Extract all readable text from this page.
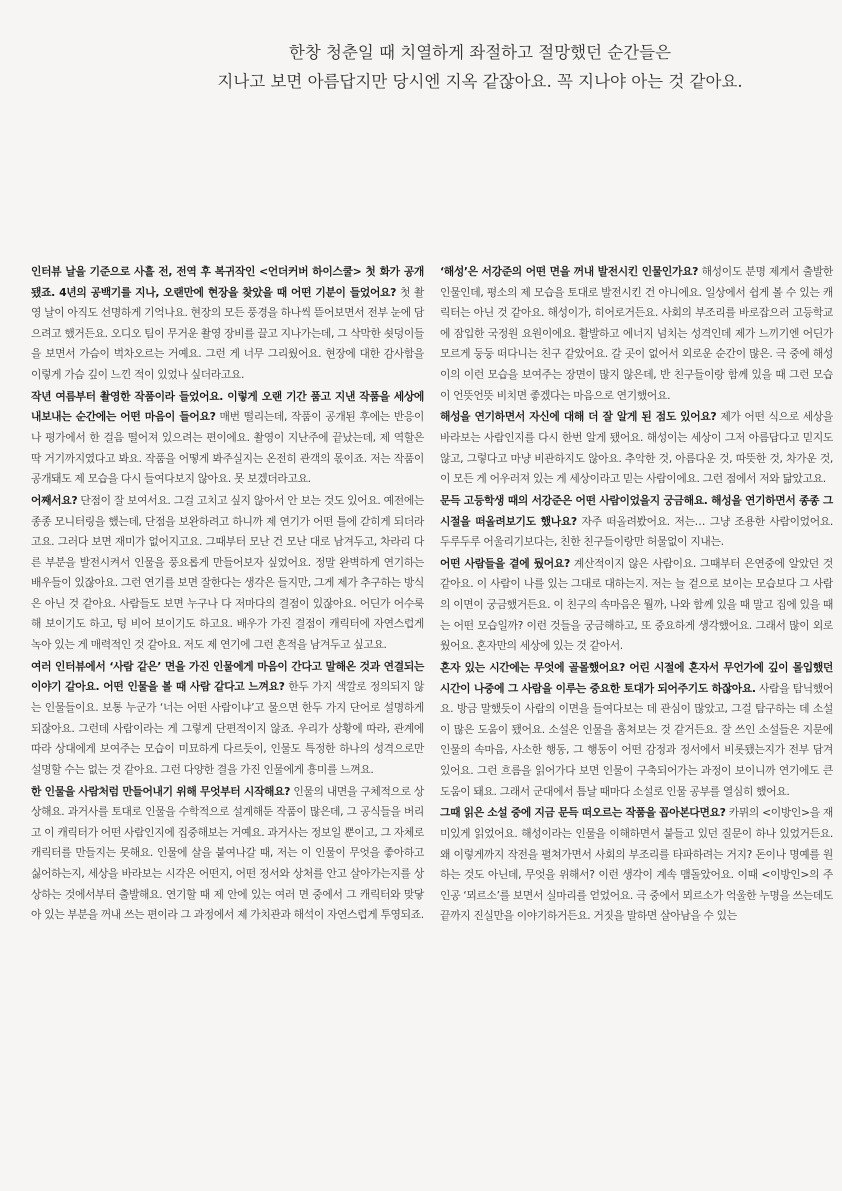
한창 청춘일 때 치열하게 좌절하고 절망했던 순간들은
지나고 보면 아름답지만 당시엔 지옥 같잖아요. 꼭 지나야 아는 것 같아요.

인터뷰 날을 기준으로 사흘 전, 전역 후 복귀작인 <언더커버 하이스쿨> 첫 화가 공개됐죠. 4년의 공백기를 지나, 오랜만에 현장을 찾았을 때 어떤 기분이 들었어요? 첫 촬영 날이 아직도 선명하게 기억나요. 현장의 모든 풍경을 하나씩 뜯어보면서 전부 눈에 담으려고 했거든요. 오디오 팀이 무거운 촬영 장비를 끌고 지나가는데, 그 삭막한 쇳덩이들을 보면서 가슴이 벅차오르는 거예요. 그런 게 너무 그리웠어요. 현장에 대한 감사함을 이렇게 가슴 깊이 느낀 적이 있었나 싶더라고요.

작년 여름부터 촬영한 작품이라 들었어요. 이렇게 오랜 기간 품고 지낸 작품을 세상에 내보내는 순간에는 어떤 마음이 들어요? 매번 떨리는데, 작품이 공개된 후에는 반응이나 평가에서 한 걸음 떨어져 있으려는 편이에요. 촬영이 지난주에 끝났는데, 제 역할은 딱 거기까지였다고 봐요. 작품을 어떻게 봐주실지는 온전히 관객의 몫이죠. 저는 작품이 공개돼도 제 모습을 다시 들여다보지 않아요. 못 보겠더라고요.

어째서요? 단점이 잘 보여서요. 그걸 고치고 싶지 않아서 안 보는 것도 있어요. 예전에는 종종 모니터링을 했는데, 단점을 보완하려고 하니까 제 연기가 어떤 틀에 갇히게 되더라고요. 그러다 보면 재미가 없어지고요. 그때부터 모난 건 모난 대로 남겨두고, 차라리 다른 부분을 발전시켜서 인물을 풍요롭게 만들어보자 싶었어요. 정말 완벽하게 연기하는 배우들이 있잖아요. 그런 연기를 보면 잘한다는 생각은 들지만, 그게 제가 추구하는 방식은 아닌 것 같아요. 사람들도 보면 누구나 다 저마다의 결점이 있잖아요. 어딘가 어수룩해 보이기도 하고, 텅 비어 보이기도 하고요. 배우가 가진 결점이 캐릭터에 자연스럽게 녹아 있는 게 매력적인 것 같아요. 저도 제 연기에 그런 흔적을 남겨두고 싶고요.

여러 인터뷰에서 ‘사람 같은’ 면을 가진 인물에게 마음이 간다고 말해온 것과 연결되는 이야기 같아요. 어떤 인물을 볼 때 사람 같다고 느껴요? 한두 가지 색깔로 정의되지 않는 인물들이요. 보통 누군가 ‘너는 어떤 사람이냐’고 물으면 한두 가지 단어로 설명하게 되잖아요. 그런데 사람이라는 게 그렇게 단편적이지 않죠. 우리가 상황에 따라, 관계에 따라 상대에게 보여주는 모습이 미묘하게 다르듯이, 인물도 특정한 하나의 성격으로만 설명할 수는 없는 것 같아요. 그런 다양한 결을 가진 인물에게 흥미를 느껴요.

한 인물을 사람처럼 만들어내기 위해 무엇부터 시작해요? 인물의 내면을 구체적으로 상상해요. 과거사를 토대로 인물을 수학적으로 설계해둔 작품이 많은데, 그 공식들을 버리고 이 캐릭터가 어떤 사람인지에 집중해보는 거예요. 과거사는 정보일 뿐이고, 그 자체로 캐릭터를 만들지는 못해요. 인물에 살을 붙여나갈 때, 저는 이 인물이 무엇을 좋아하고 싫어하는지, 세상을 바라보는 시각은 어떤지, 어떤 정서와 상처를 안고 살아가는지를 상상하는 것에서부터 출발해요. 연기할 때 제 안에 있는 여러 면 중에서 그 캐릭터와 맞닿아 있는 부분을 꺼내 쓰는 편이라 그 과정에서 제 가치관과 해석이 자연스럽게 투영되죠.

‘해성’은 서강준의 어떤 면을 꺼내 발전시킨 인물인가요? 해성이도 분명 제게서 출발한 인물인데, 평소의 제 모습을 토대로 발전시킨 건 아니에요. 일상에서 쉽게 볼 수 있는 캐릭터는 아닌 것 같아요. 해성이가, 히어로거든요. 사회의 부조리를 바로잡으러 고등학교에 잠입한 국정원 요원이에요. 활발하고 에너지 넘치는 성격인데 제가 느끼기엔 어딘가 모르게 둥둥 떠다니는 친구 같았어요. 갈 곳이 없어서 외로운 순간이 많은. 극 중에 해성이의 이런 모습을 보여주는 장면이 많지 않은데, 반 친구들이랑 함께 있을 때 그런 모습이 언뜻언뜻 비치면 좋겠다는 마음으로 연기했어요.

해성을 연기하면서 자신에 대해 더 잘 알게 된 점도 있어요? 제가 어떤 식으로 세상을 바라보는 사람인지를 다시 한번 알게 됐어요. 해성이는 세상이 그저 아름답다고 믿지도 않고, 그렇다고 마냥 비관하지도 않아요. 추악한 것, 아름다운 것, 따뜻한 것, 차가운 것, 이 모든 게 어우러져 있는 게 세상이라고 믿는 사람이에요. 그런 점에서 저와 닮았고요.

문득 고등학생 때의 서강준은 어떤 사람이었을지 궁금해요. 해성을 연기하면서 종종 그 시절을 떠올려보기도 했나요? 자주 떠올려봤어요. 저는… 그냥 조용한 사람이었어요. 두루두루 어울리기보다는, 친한 친구들이랑만 허물없이 지내는.

어떤 사람들을 곁에 뒀어요? 계산적이지 않은 사람이요. 그때부터 은연중에 알았던 것 같아요. 이 사람이 나를 있는 그대로 대하는지. 저는 늘 겉으로 보이는 모습보다 그 사람의 이면이 궁금했거든요. 이 친구의 속마음은 뭘까, 나와 함께 있을 때 말고 집에 있을 때는 어떤 모습일까? 이런 것들을 궁금해하고, 또 중요하게 생각했어요. 그래서 많이 외로웠어요. 혼자만의 세상에 있는 것 같아서.

혼자 있는 시간에는 무엇에 골몰했어요? 어린 시절에 혼자서 무언가에 깊이 몰입했던 시간이 나중에 그 사람을 이루는 중요한 토대가 되어주기도 하잖아요. 사람을 탐닉했어요. 방금 말했듯이 사람의 이면을 들여다보는 데 관심이 많았고, 그걸 탐구하는 데 소설이 많은 도움이 됐어요. 소설은 인물을 훔쳐보는 것 같거든요. 잘 쓰인 소설들은 지문에 인물의 속마음, 사소한 행동, 그 행동이 어떤 감정과 정서에서 비롯됐는지가 전부 담겨 있어요. 그런 흐름을 읽어가다 보면 인물이 구축되어가는 과정이 보이니까 연기에도 큰 도움이 돼요. 그래서 군대에서 틈날 때마다 소설로 인물 공부를 열심히 했어요.

그때 읽은 소설 중에 지금 문득 떠오르는 작품을 꼽아본다면요? 카뮈의 <이방인>을 재미있게 읽었어요. 해성이라는 인물을 이해하면서 붙들고 있던 질문이 하나 있었거든요. 왜 이렇게까지 작전을 펼쳐가면서 사회의 부조리를 타파하려는 거지? 돈이나 명예를 원하는 것도 아닌데, 무엇을 위해서? 이런 생각이 계속 맴돌았어요. 이때 <이방인>의 주인공 ‘뫼르소’를 보면서 실마리를 얻었어요. 극 중에서 뫼르소가 억울한 누명을 쓰는데도 끝까지 진실만을 이야기하거든요. 거짓을 말하면 살아남을 수 있는
